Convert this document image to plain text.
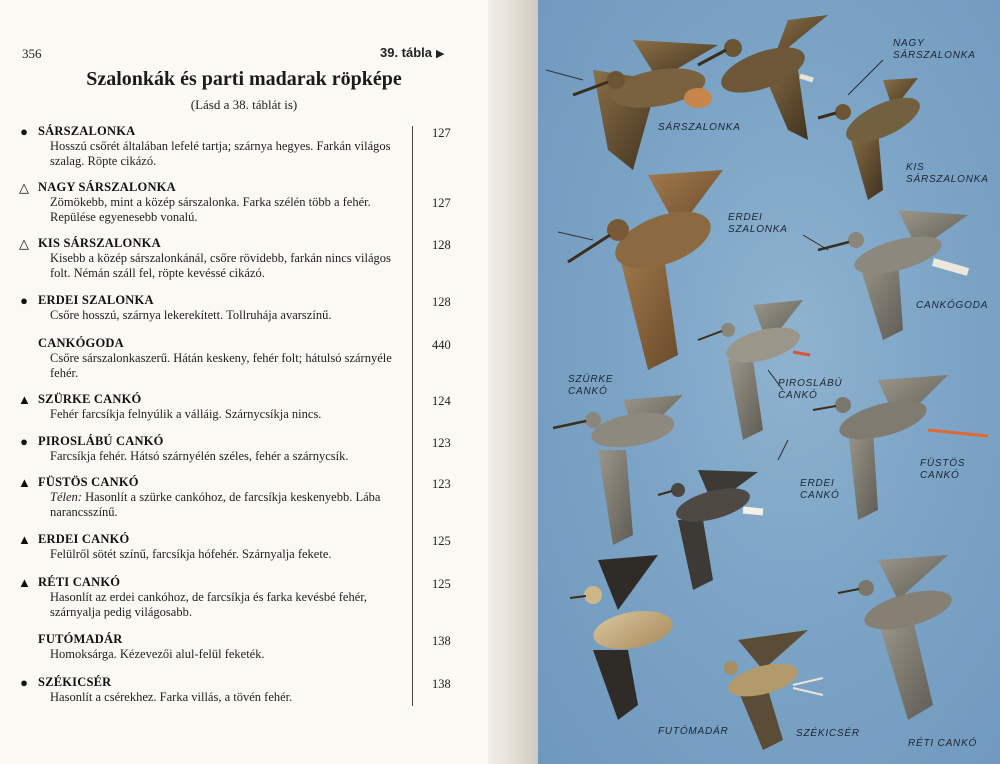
356	39. tábla ▶
Szalonkák és parti madarak röpképe
(Lásd a 38. táblát is)
● SÁRSZALONKA
Hosszú csőrét általában lefelé tartja; szárnya hegyes. Farkán világos szalag. Röpte cikázó.
127
△ NAGY SÁRSZALONKA
Zömökebb, mint a közép sárszalonka. Farka szélén több a fehér. Repülése egyenesebb vonalú.
127
△ KIS SÁRSZALONKA
Kisebb a közép sárszalonkánál, csőre rövidebb, farkán nincs világos folt. Némán száll fel, röpte kevéssé cikázó.
128
● ERDEI SZALONKA
Csőre hosszú, szárnya lekerekített. Tollruhája avarszínű.
128
CANKÓGODA
Csőre sárszalonkaszerű. Hátán keskeny, fehér folt; hátulsó szárnyéle fehér.
440
▲ SZÜRKE CANKÓ
Fehér farcsíkja felnyúlik a válláig. Szárnycsíkja nincs.
124
● PIROSLÁBÚ CANKÓ
Farcsíkja fehér. Hátsó szárnyélén széles, fehér a szárnycsík.
123
▲ FÜSTÖS CANKÓ
Télen: Hasonlít a szürke cankóhoz, de farcsíkja keskenyebb. Lába narancsszínű.
123
▲ ERDEI CANKÓ
Felülről sötét színű, farcsíkja hófehér. Szárnyalja fekete.
125
▲ RÉTI CANKÓ
Hasonlít az erdei cankóhoz, de farcsíkja és farka kevésbé fehér, szárnyalja pedig világosabb.
125
FUTÓMADÁR
Homoksárga. Kézevezői alul-felül feketék.
138
● SZÉKICSÉR
Hasonlít a csérekhez. Farka villás, a tövén fehér.
138
NAGY
SÁRSZALONKA
SÁRSZALONKA
KIS
SÁRSZALONKA
ERDEI
SZALONKA
CANKÓGODA
SZÜRKE
CANKÓ
PIROSLÁBÚ
CANKÓ
FÜSTÖS
CANKÓ
ERDEI
CANKÓ
FUTÓMADÁR	SZÉKICSÉR
RÉTI CANKÓ
